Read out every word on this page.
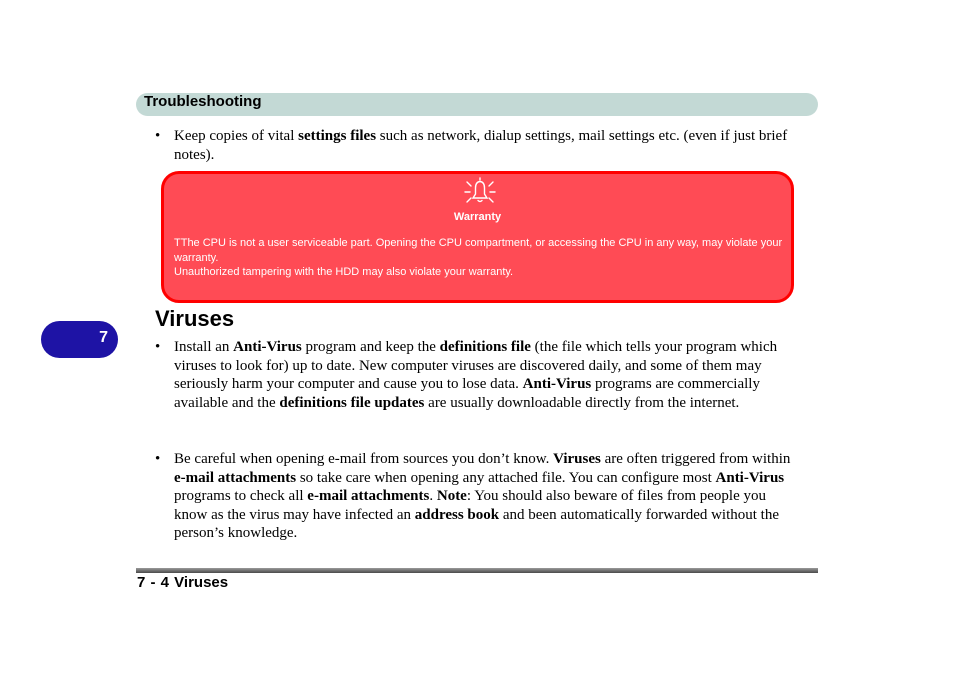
Troubleshooting
• Keep copies of vital settings files such as network, dialup settings, mail settings etc. (even if just brief notes).
Warranty
TThe CPU is not a user serviceable part. Opening the CPU compartment, or accessing the CPU in any way, may violate your warranty.
Unauthorized tampering with the HDD may also violate your warranty.
Viruses
7
• Install an Anti-Virus program and keep the definitions file (the file which tells your program which viruses to look for) up to date. New computer viruses are discovered daily, and some of them may seriously harm your computer and cause you to lose data. Anti-Virus programs are commercially available and the definitions file updates are usually downloadable directly from the internet.
• Be careful when opening e-mail from sources you don’t know. Viruses are often triggered from within e-mail attachments so take care when opening any attached file. You can configure most Anti-Virus programs to check all e-mail attachments. Note: You should also beware of files from people you know as the virus may have infected an address book and been automatically forwarded without the person’s knowledge.
7 - 4 Viruses
